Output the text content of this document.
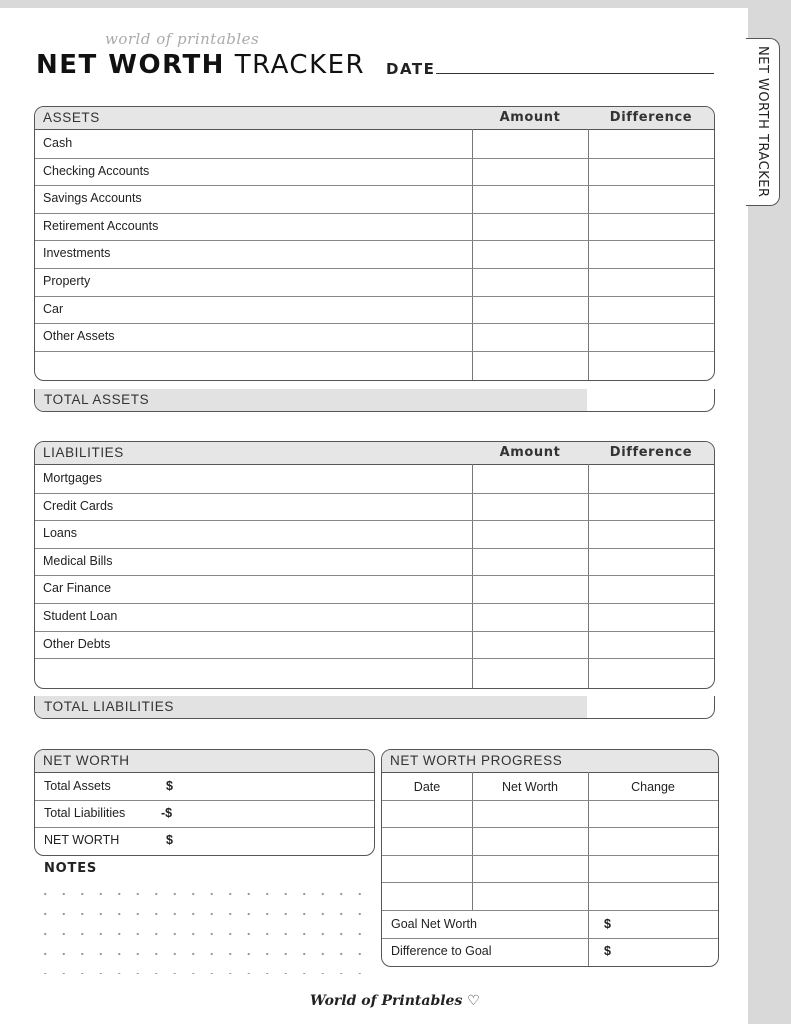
NET WORTH TRACKER
world of printables
NET WORTH TRACKER DATE
ASSETS	Amount	Difference
Cash
Checking Accounts
Savings Accounts
Retirement Accounts
Investments
Property
Car
Other Assets
TOTAL ASSETS
LIABILITIES	Amount	Difference
Mortgages
Credit Cards
Loans
Medical Bills
Car Finance
Student Loan
Other Debts
TOTAL LIABILITIES
NET WORTH
Total Assets	$
Total Liabilities	-$
NET WORTH	$
NOTES
NET WORTH PROGRESS
Date	Net Worth	Change
Goal Net Worth	$
Difference to Goal	$
World of Printables ♡
